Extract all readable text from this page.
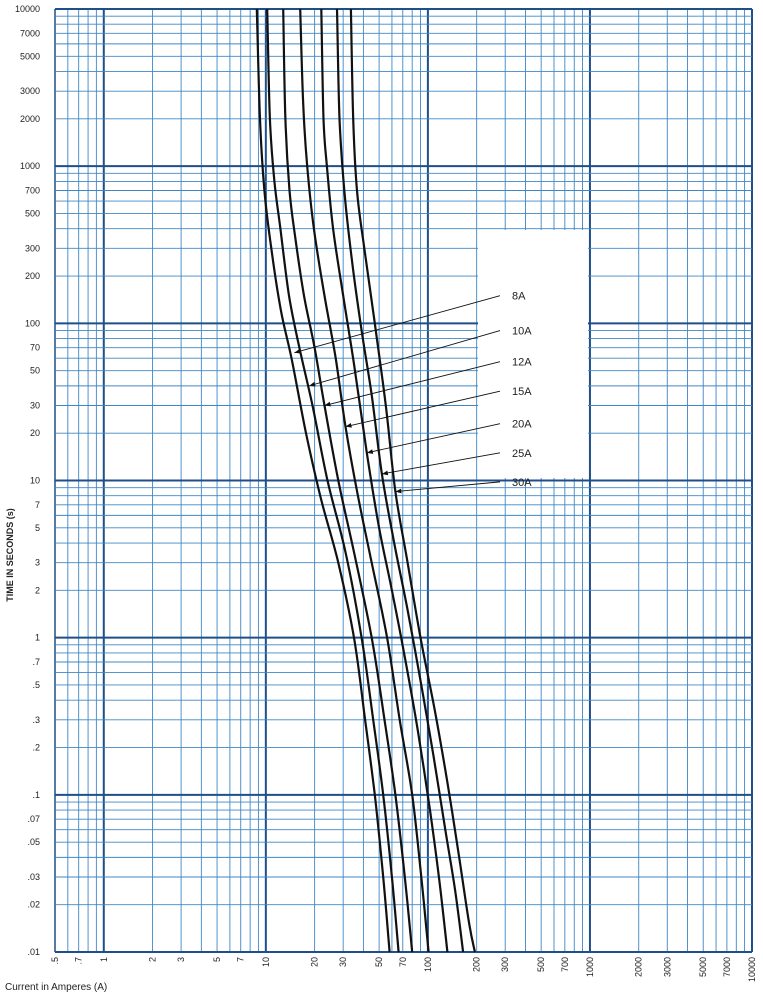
8A
10A
12A
15A
20A
25A
30A
10000
7000
5000
3000
2000
1000
700
500
300
200
100
70
50
30
20
10
7
5
3
2
1
.7
.5
.3
.2
.1
.07
.05
.03
.02
.01
.5 .7 1	2 3	5 7 10	20 30	50 70 100	200 300	500 700 1000	2000 3000	5000 7000 10000
TIME IN SECONDS (s)
Current in Amperes (A)
